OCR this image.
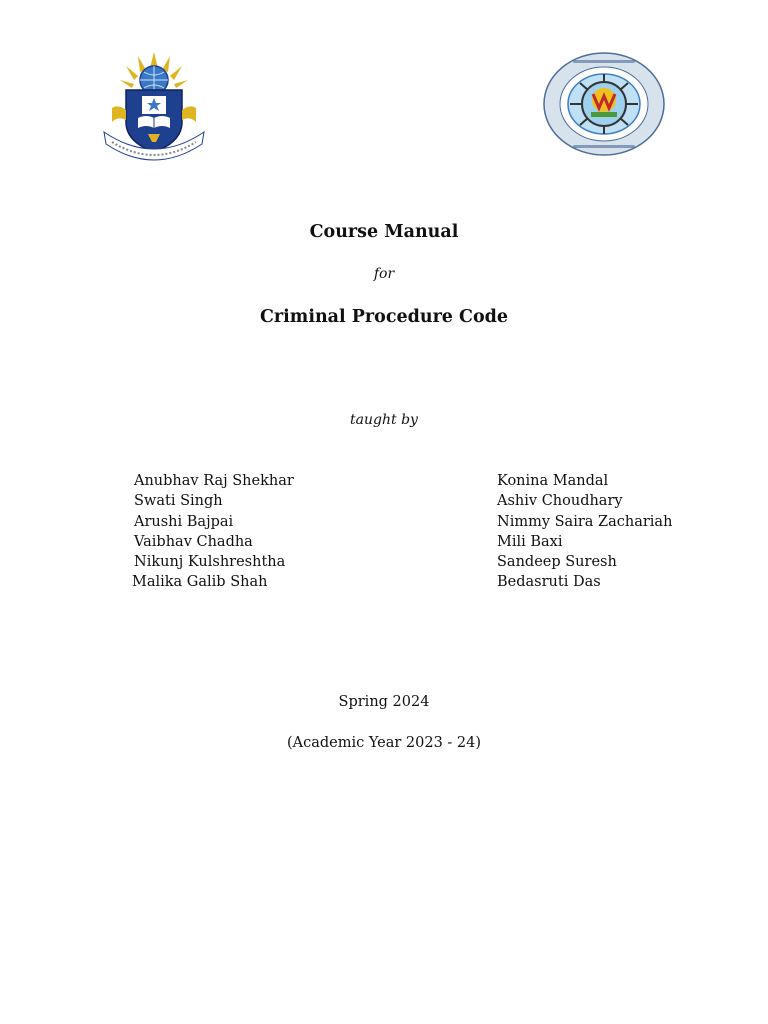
Course Manual
for
Criminal Procedure Code
taught by
Anubhav Raj Shekhar
Swati Singh
Arushi Bajpai
Vaibhav Chadha
Nikunj Kulshreshtha
Malika Galib Shah
Konina Mandal
Ashiv Choudhary
Nimmy Saira Zachariah
Mili Baxi
Sandeep Suresh
Bedasruti Das
Spring 2024
(Academic Year 2023 - 24)
